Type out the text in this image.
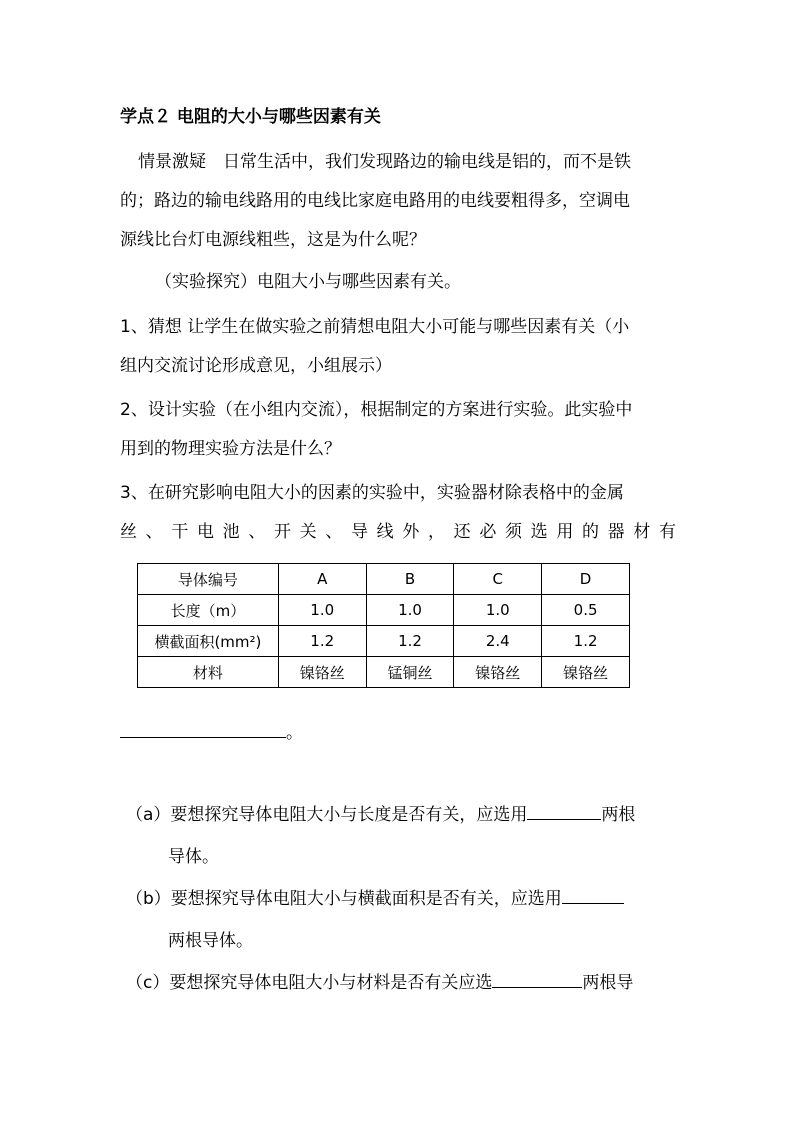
学点２ 电阻的大小与哪些因素有关

情景激疑　日常生活中，我们发现路边的输电线是铝的，而不是铁

的；路边的输电线路用的电线比家庭电路用的电线要粗得多，空调电

源线比台灯电源线粗些，这是为什么呢？

（实验探究）电阻大小与哪些因素有关。

1、猜想 让学生在做实验之前猜想电阻大小可能与哪些因素有关（小

组内交流讨论形成意见，小组展示）

2、设计实验（在小组内交流），根据制定的方案进行实验。此实验中

用到的物理实验方法是什么？

3、在研究影响电阻大小的因素的实验中，实验器材除表格中的金属

丝、干电池、开关、导线外，还必须选用的器材有

导体编号	A	B	C	D
长度（m）	1.0	1.0	1.0	0.5
横截面积(mm²)	1.2	1.2	2.4	1.2
材料	镍铬丝	锰铜丝	镍铬丝	镍铬丝

。

（a）要想探究导体电阻大小与长度是否有关，应选用	两根

导体。

（b）要想探究导体电阻大小与横截面积是否有关，应选用

两根导体。

（c）要想探究导体电阻大小与材料是否有关应选	两根导
